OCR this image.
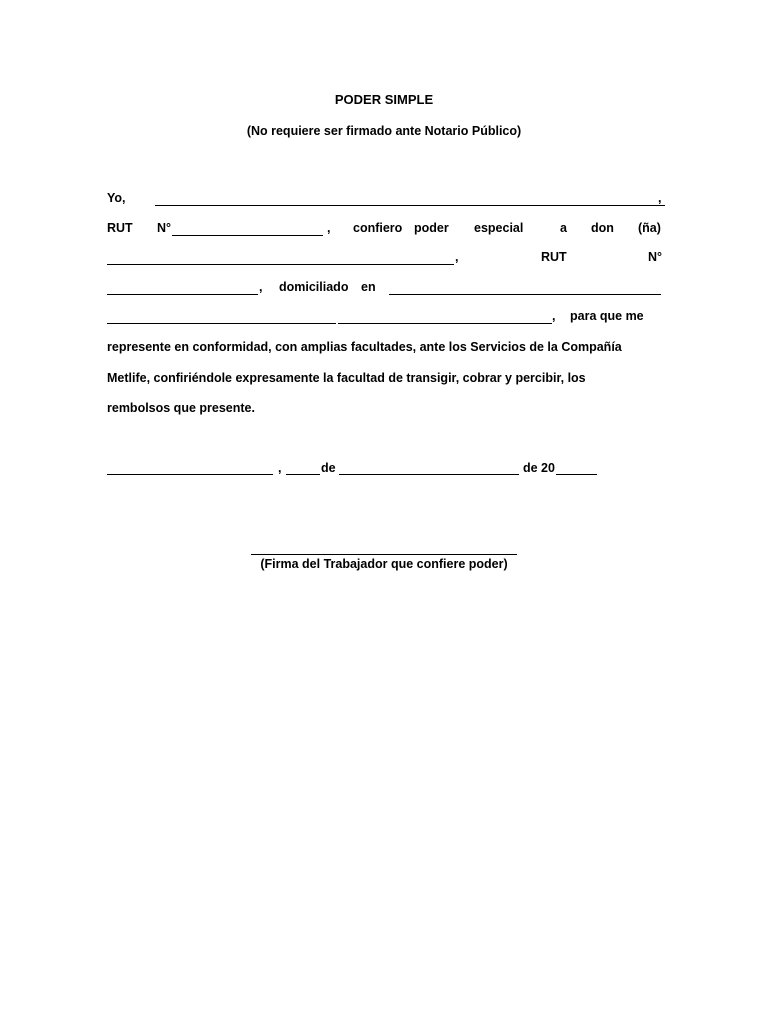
PODER SIMPLE
(No requiere ser firmado ante Notario Público)
Yo,	,
RUT N°	, confiero poder especial	a don (ña)
,	RUT	N°
, domiciliado en
, para que me
represente en conformidad, con amplias facultades, ante los Servicios de la Compañía
Metlife, confiriéndole expresamente la facultad de transigir, cobrar y percibir, los
rembolsos que presente.
,	de	de 20
(Firma del Trabajador que confiere poder)
